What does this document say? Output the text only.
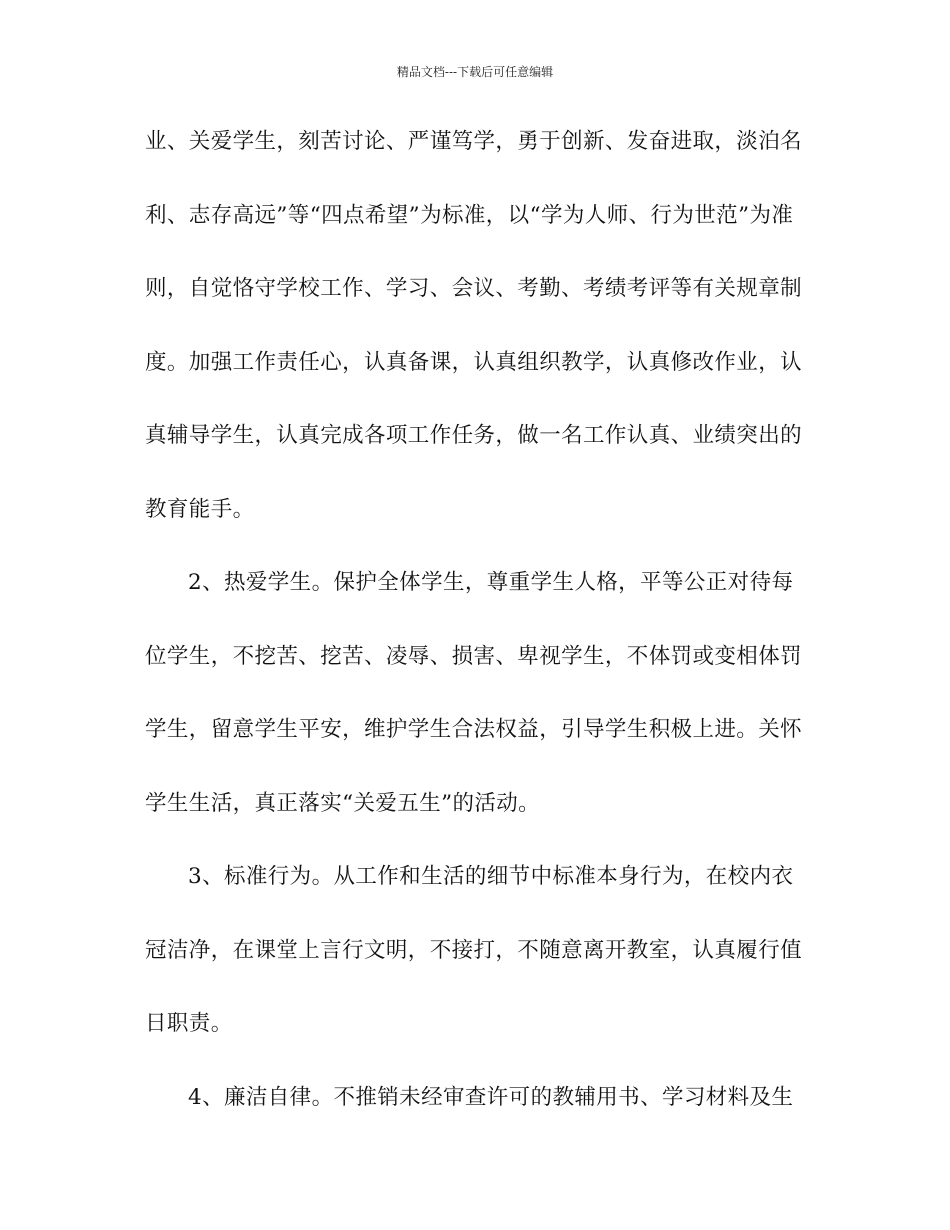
精品文档---下载后可任意编辑
业、关爱学生，刻苦讨论、严谨笃学，勇于创新、发奋进取，淡泊名
利、志存高远”等“四点希望”为标准，以“学为人师、行为世范”为准
则，自觉恪守学校工作、学习、会议、考勤、考绩考评等有关规章制
度。加强工作责任心，认真备课，认真组织教学，认真修改作业，认
真辅导学生，认真完成各项工作任务，做一名工作认真、业绩突出的
教育能手。
2、热爱学生。保护全体学生，尊重学生人格，平等公正对待每
位学生，不挖苦、挖苦、凌辱、损害、卑视学生，不体罚或变相体罚
学生，留意学生平安，维护学生合法权益，引导学生积极上进。关怀
学生生活，真正落实“关爱五生”的活动。
3、标准行为。从工作和生活的细节中标准本身行为，在校内衣
冠洁净，在课堂上言行文明，不接打，不随意离开教室，认真履行值
日职责。
4、廉洁自律。不推销未经审查许可的教辅用书、学习材料及生
